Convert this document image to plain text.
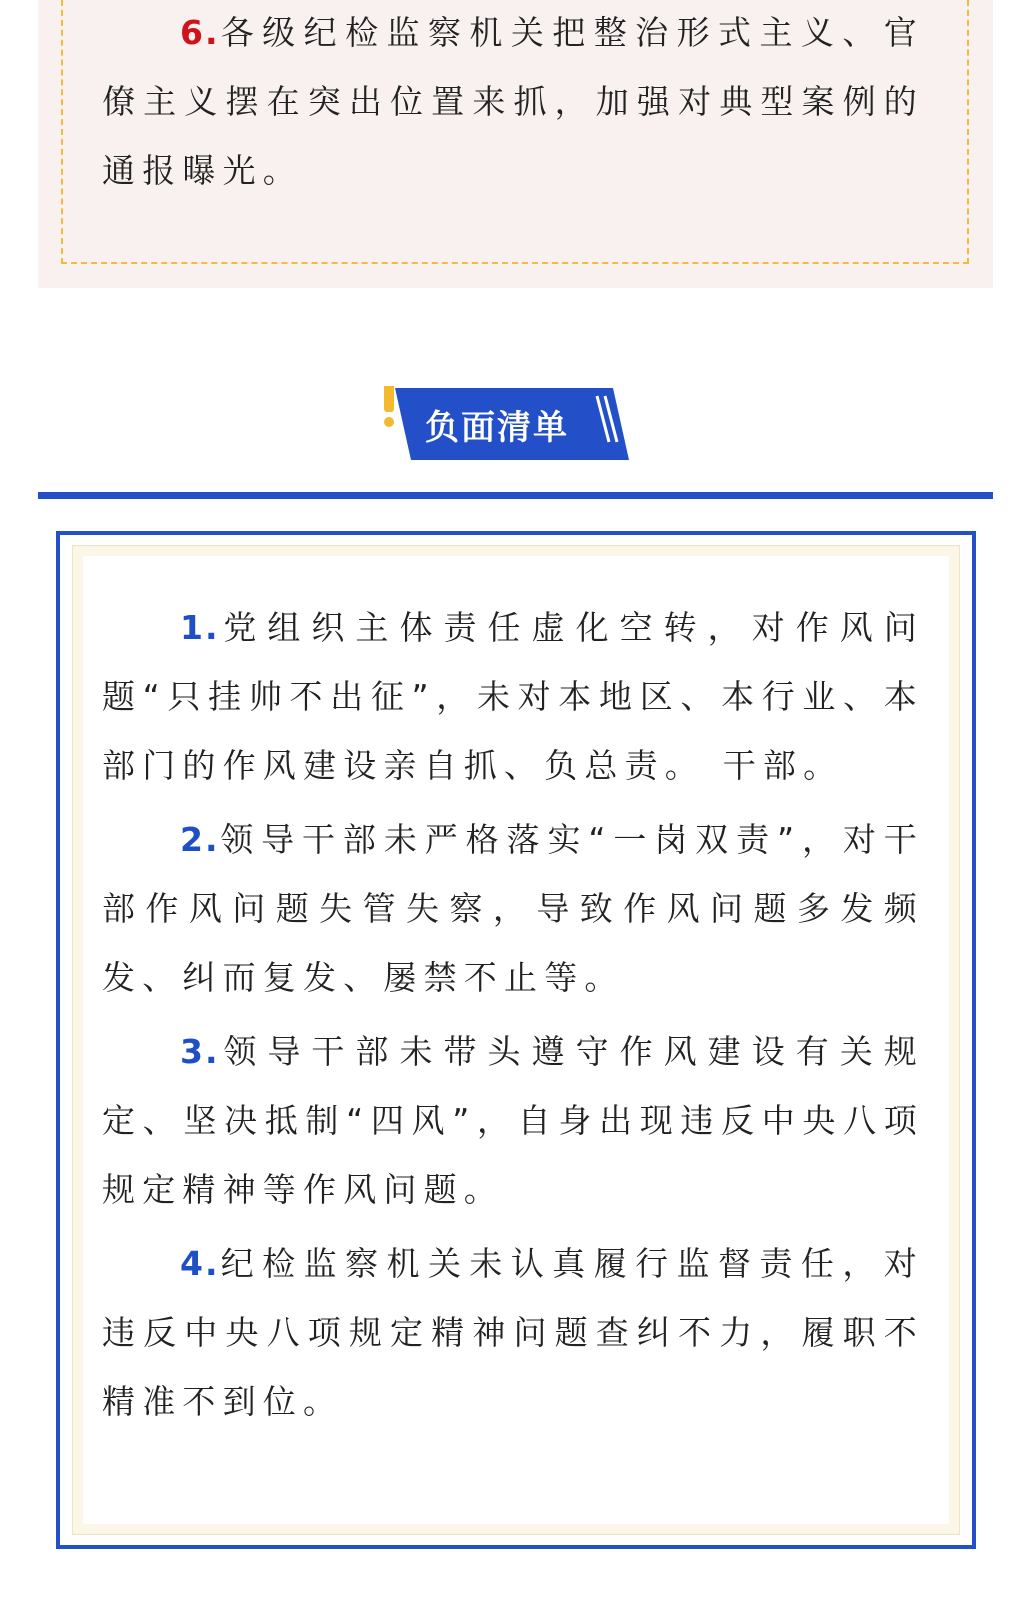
6.各级纪检监察机关把整治形式主义、官僚主义摆在突出位置来抓，加强对典型案例的通报曝光。

负面清单

1.党组织主体责任虚化空转，对作风问题“只挂帅不出征”，未对本地区、本行业、本部门的作风建设亲自抓、负总责。 干部。

2.领导干部未严格落实“一岗双责”，对干部作风问题失管失察，导致作风问题多发频发、纠而复发、屡禁不止等。

3.领导干部未带头遵守作风建设有关规定、坚决抵制“四风”，自身出现违反中央八项规定精神等作风问题。

4.纪检监察机关未认真履行监督责任，对违反中央八项规定精神问题查纠不力，履职不精准不到位。
